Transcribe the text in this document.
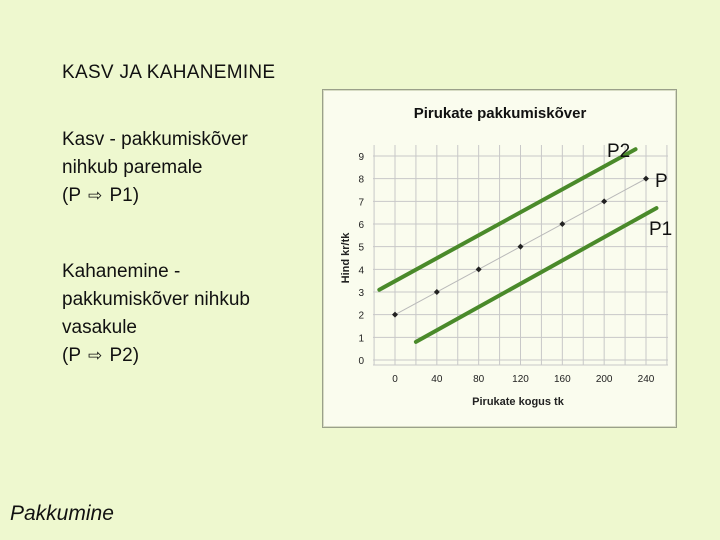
KASV JA KAHANEMINE
Kasv - pakkumiskõver
nihkub paremale
(P ⇨ P1)
Kahanemine -
pakkumiskõver nihkub
vasakule
(P ⇨ P2)
Pakkumine
0
1
2
3
4
5
6
7
8
9
0	40	80	120	160	200	240
Pirukate pakkumiskõver
Pirukate kogus tk
Hind kr/tk
P2
P
P1
